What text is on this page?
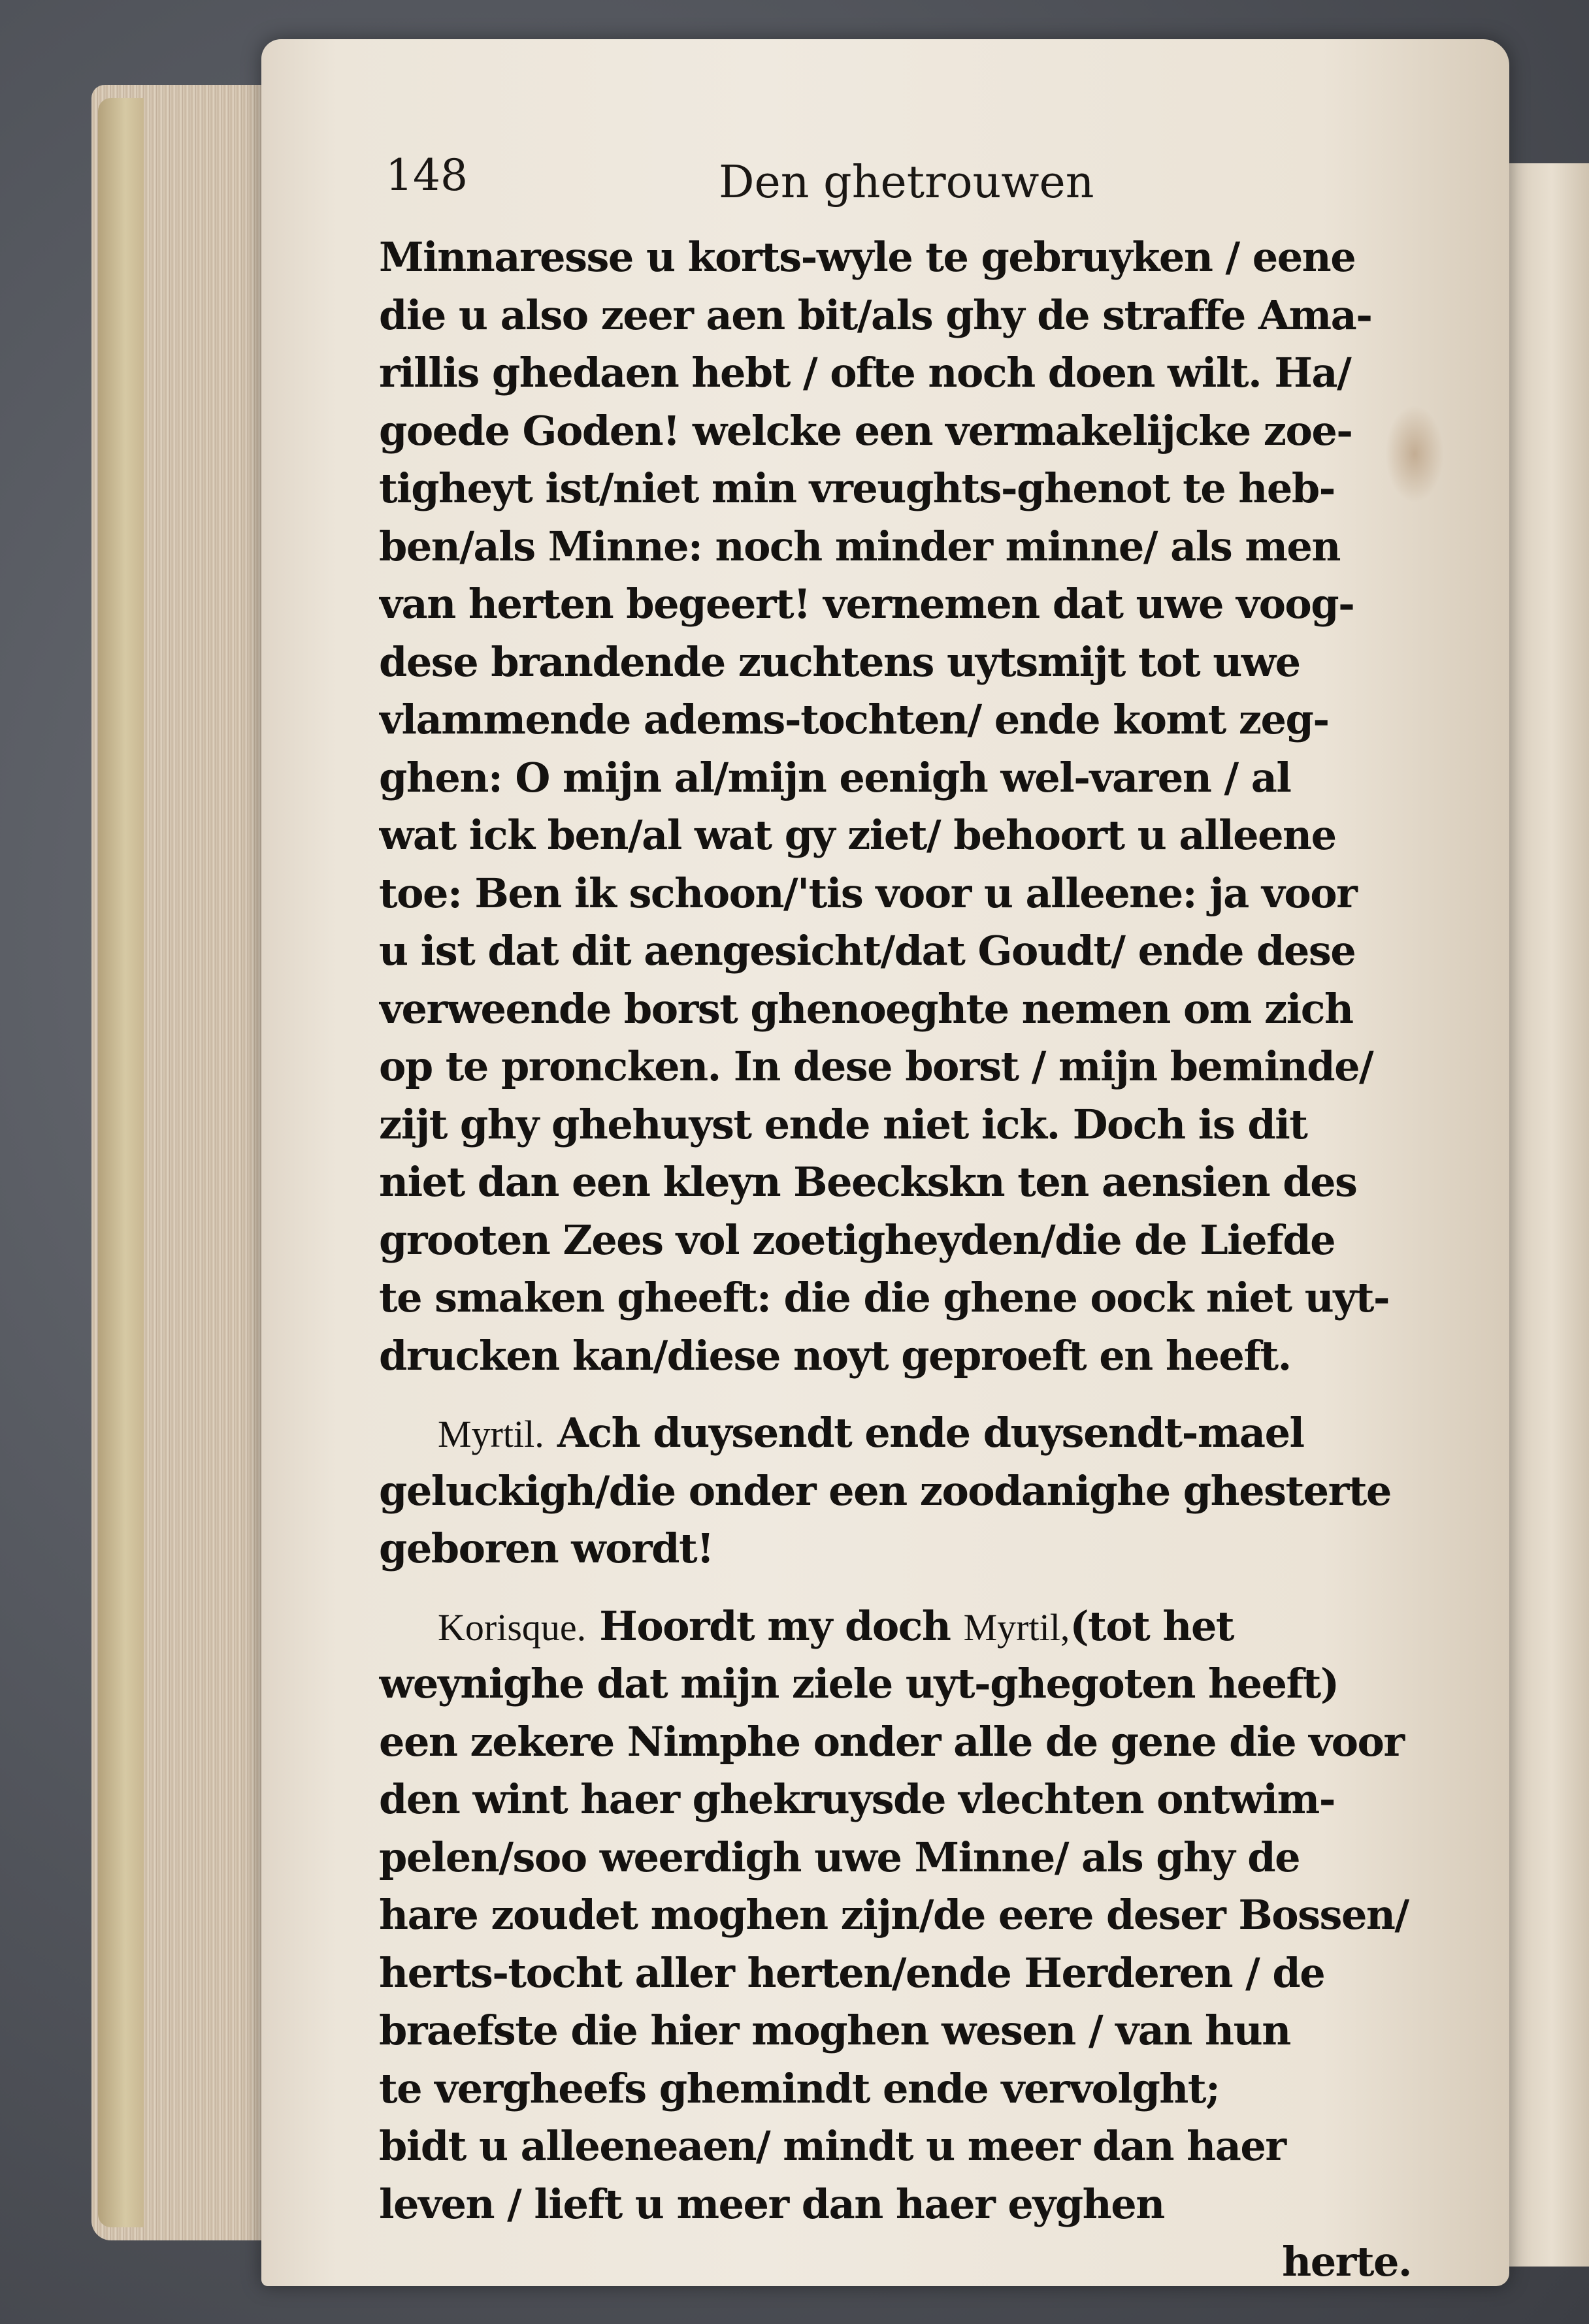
148	Den ghetrouwen
Minnaresse u korts-wyle te gebruyken / eene
die u also zeer aen bit/als ghy de straffe Ama-
rillis ghedaen hebt / ofte noch doen wilt. Ha/
goede Goden! welcke een vermakelijcke zoe-
tigheyt ist/niet min vreughts-ghenot te heb-
ben/als Minne: noch minder minne/ als men
van herten begeert! vernemen dat uwe voog-
dese brandende zuchtens uytsmijt tot uwe
vlammende adems-tochten/ ende komt zeg-
ghen: O mijn al/mijn eenigh wel-varen / al
wat ick ben/al wat gy ziet/ behoort u alleene
toe: Ben ik schoon/'tis voor u alleene: ja voor
u ist dat dit aengesicht/dat Goudt/ ende dese
verweende borst ghenoeghte nemen om zich
op te proncken. In dese borst / mijn beminde/
zijt ghy ghehuyst ende niet ick. Doch is dit
niet dan een kleyn Beeckskn ten aensien des
grooten Zees vol zoetigheyden/die de Liefde
te smaken gheeft: die die ghene oock niet uyt-
drucken kan/diese noyt geproeft en heeft.
Myrtil. Ach duysendt ende duysendt-mael
geluckigh/die onder een zoodanighe ghesterte
geboren wordt!
Korisque. Hoordt my doch Myrtil,(tot het
weynighe dat mijn ziele uyt-ghegoten heeft)
een zekere Nimphe onder alle de gene die voor
den wint haer ghekruysde vlechten ontwim-
pelen/soo weerdigh uwe Minne/ als ghy de
hare zoudet moghen zijn/de eere deser Bossen/
herts-tocht aller herten/ende Herderen / de
braefste die hier moghen wesen / van hun
te vergheefs ghemindt ende vervolght;
bidt u alleeneaen/ mindt u meer dan haer
leven / lieft u meer dan haer eyghen
herte.
